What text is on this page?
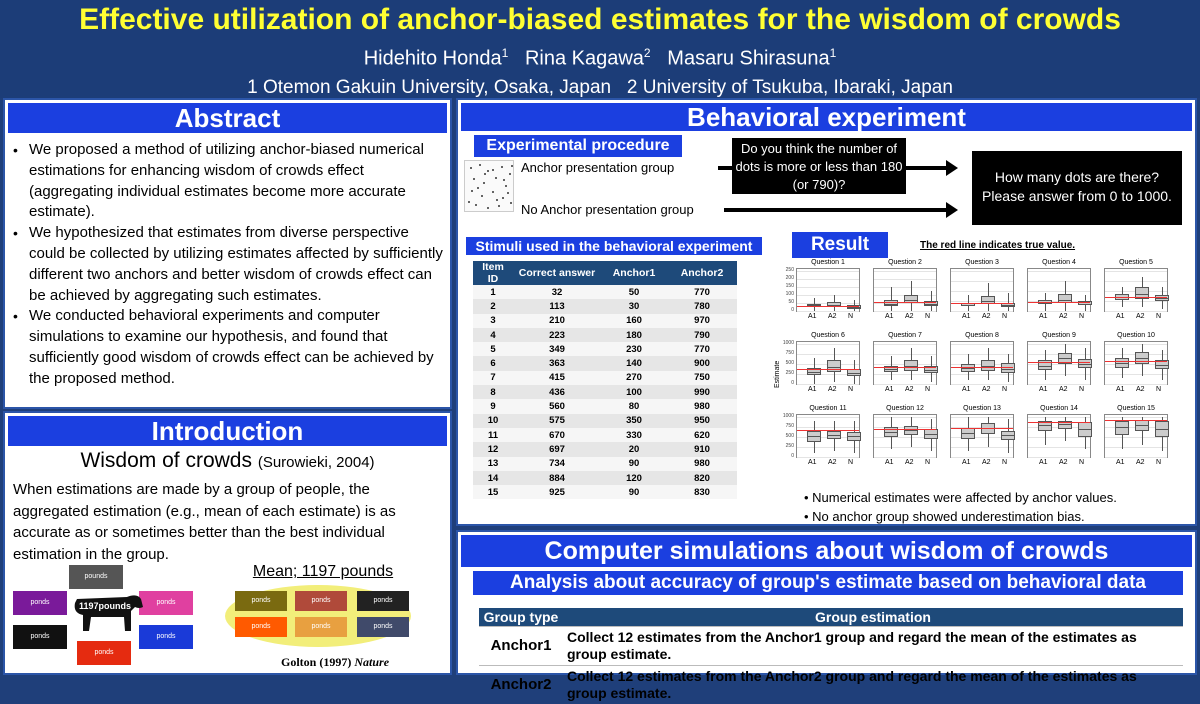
Effective utilization of anchor-biased estimates for the wisdom of crowds
Hidehito Honda$^1$ Rina Kagawa$^2$ Masaru Shirasuna$^1$
1 Otemon Gakuin University, Osaka, Japan   2 University of Tsukuba, Ibaraki, Japan
Abstract
• We proposed a method of utilizing anchor-biased numerical estimations for enhancing wisdom of crowds effect (aggregating individual estimates become more accurate estimate).
• We hypothesized that estimates from diverse perspective could be collected by utilizing estimates affected by sufficiently different two anchors and better wisdom of crowds effect can be achieved by aggregating such estimates.
• We conducted behavioral experiments and computer simulations to examine our hypothesis, and found that sufficiently good wisdom of crowds effect can be achieved by the proposed method.
Introduction
Wisdom of crowds (Surowieki, 2004)
When estimations are made by a group of people, the aggregated estimation (e.g., mean of each estimate) is as accurate as or sometimes better than the best individual estimation in the group.
pounds
ponds	ponds
ponds	ponds
ponds
1197pounds
Mean; 1197 pounds
ponds	ponds	ponds
ponds	ponds	ponds
Golton (1997) Nature
Behavioral experiment
Experimental procedure
Anchor presentation group
No Anchor presentation group
Do you think the number of dots is more or less than 180 (or 790)?	How many dots are there? Please answer from 0 to 1000.
Stimuli used in the behavioral experiment
Item ID	Correct answer	Anchor1	Anchor2
1	32	50	770
2	113	30	780
3	210	160	970
4	223	180	790
5	349	230	770
6	363	140	900
7	415	270	750
8	436	100	990
9	560	80	980
10	575	350	950
11	670	330	620
12	697	20	910
13	734	90	980
14	884	120	820
15	925	90	830
Result	The red line indicates true value.
Estimate
Question 1
250
200
150
100
50
0
A1 A2 N
Question 2
A1 A2 N
Question 3
A1 A2 N
Question 4
A1 A2 N
Question 5
A1 A2 N
Question 6
1000
750
500
250
0
A1 A2 N
Question 7
A1 A2 N
Question 8
A1 A2 N
Question 9
A1 A2 N
Question 10
A1 A2 N
Question 11
1000
750
500
250
0
A1 A2 N
Question 12
A1 A2 N
Question 13
A1 A2 N
Question 14
A1 A2 N
Question 15
A1 A2 N
• Numerical estimates were affected by anchor values.
• No anchor group showed underestimation bias.
Computer simulations about wisdom of crowds
Analysis about accuracy of group's estimate based on behavioral data
Group type	Group estimation
Anchor1	Collect 12 estimates from the Anchor1 group and regard the mean of the estimates as group estimate.
Anchor2	Collect 12 estimates from the Anchor2 group and regard the mean of the estimates as group estimate.
